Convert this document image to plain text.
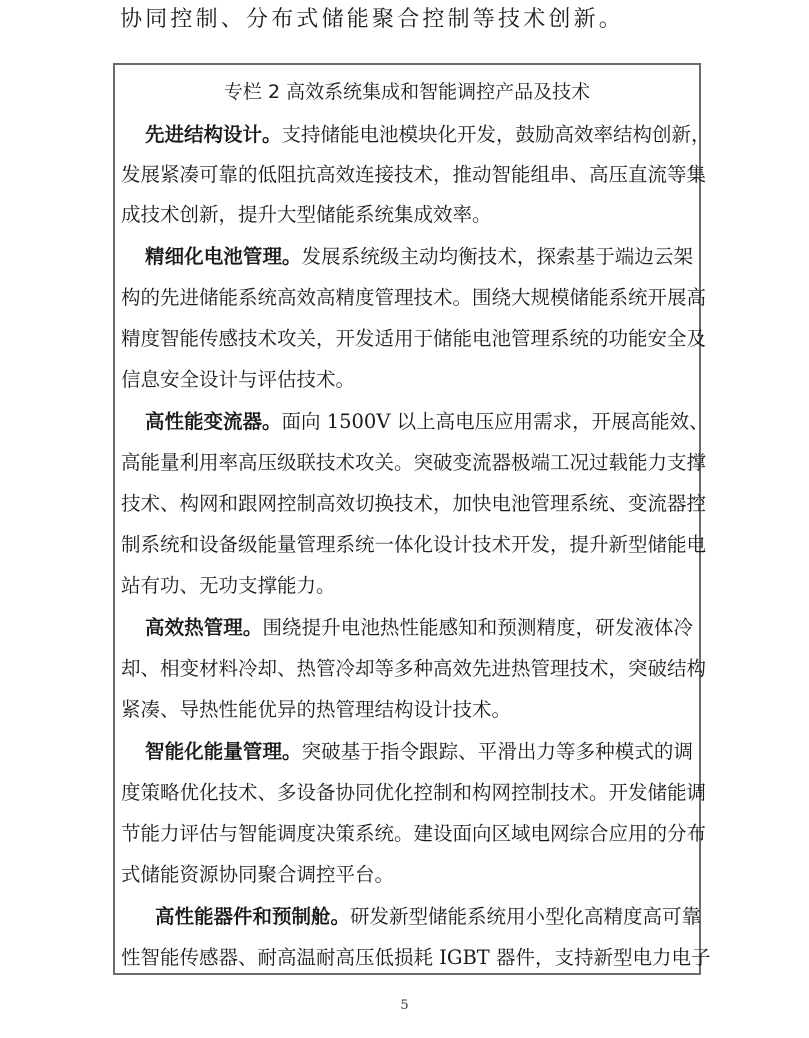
协同控制、分布式储能聚合控制等技术创新。
专栏 2 高效系统集成和智能调控产品及技术
先进结构设计。支持储能电池模块化开发，鼓励高效率结构创新，
发展紧凑可靠的低阻抗高效连接技术，推动智能组串、高压直流等集
成技术创新，提升大型储能系统集成效率。
精细化电池管理。发展系统级主动均衡技术，探索基于端边云架
构的先进储能系统高效高精度管理技术。围绕大规模储能系统开展高
精度智能传感技术攻关，开发适用于储能电池管理系统的功能安全及
信息安全设计与评估技术。
高性能变流器。面向 1500V 以上高电压应用需求，开展高能效、
高能量利用率高压级联技术攻关。突破变流器极端工况过载能力支撑
技术、构网和跟网控制高效切换技术，加快电池管理系统、变流器控
制系统和设备级能量管理系统一体化设计技术开发，提升新型储能电
站有功、无功支撑能力。
高效热管理。围绕提升电池热性能感知和预测精度，研发液体冷
却、相变材料冷却、热管冷却等多种高效先进热管理技术，突破结构
紧凑、导热性能优异的热管理结构设计技术。
智能化能量管理。突破基于指令跟踪、平滑出力等多种模式的调
度策略优化技术、多设备协同优化控制和构网控制技术。开发储能调
节能力评估与智能调度决策系统。建设面向区域电网综合应用的分布
式储能资源协同聚合调控平台。
高性能器件和预制舱。研发新型储能系统用小型化高精度高可靠
性智能传感器、耐高温耐高压低损耗 IGBT 器件，支持新型电力电子
5
